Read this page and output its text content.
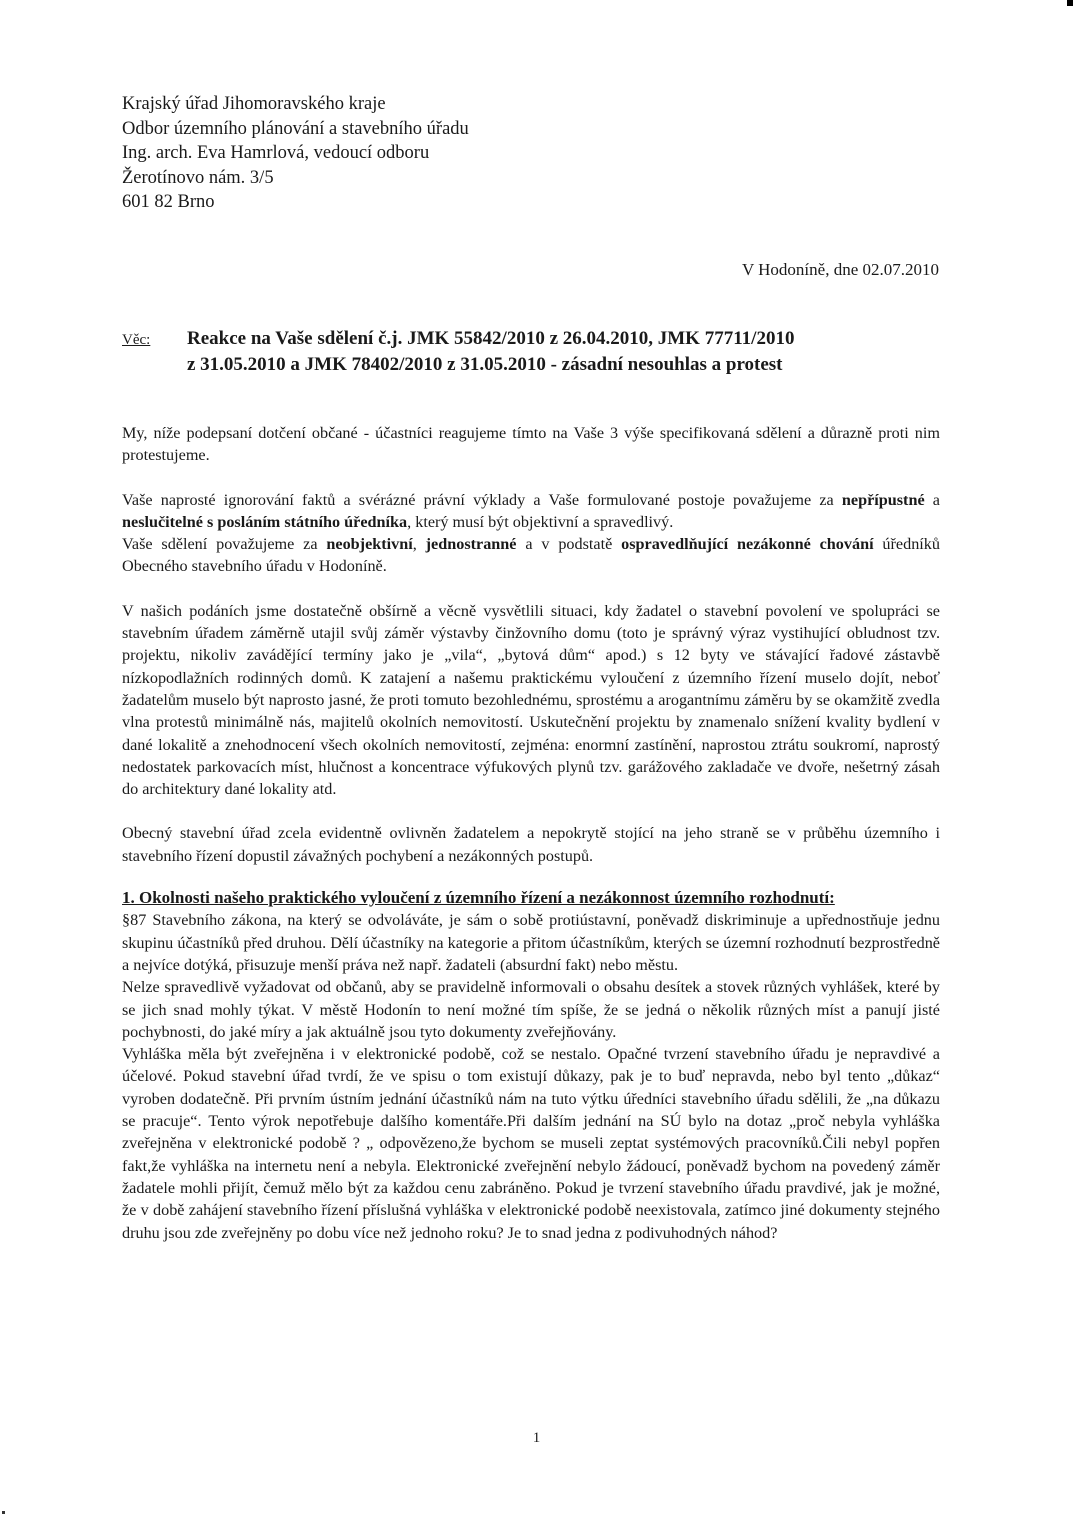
Krajský úřad Jihomoravského kraje
Odbor územního plánování a stavebního úřadu
Ing. arch. Eva Hamrlová, vedoucí odboru
Žerotínovo nám. 3/5
601 82 Brno
V Hodoníně, dne 02.07.2010
Věc: Reakce na Vaše sdělení č.j. JMK 55842/2010 z 26.04.2010, JMK 77711/2010
z 31.05.2010 a JMK 78402/2010 z 31.05.2010 - zásadní nesouhlas a protest

My, níže podepsaní dotčení občané - účastníci reagujeme tímto na Vaše 3 výše specifikovaná sdělení a důrazně proti nim protestujeme.

Vaše naprosté ignorování faktů a svérázné právní výklady a Vaše formulované postoje považujeme za nepřípustné a neslučitelné s posláním státního úředníka, který musí být objektivní a spravedlivý.
Vaše sdělení považujeme za neobjektivní, jednostranné a v podstatě ospravedlňující nezákonné chování úředníků Obecného stavebního úřadu v Hodoníně.

V našich podáních jsme dostatečně obšírně a věcně vysvětlili situaci, kdy žadatel o stavební povolení ve spolupráci se stavebním úřadem záměrně utajil svůj záměr výstavby činžovního domu (toto je správný výraz vystihující obludnost tzv. projektu, nikoliv zavádějící termíny jako je „vila“, „bytová dům“ apod.) s 12 byty ve stávající řadové zástavbě nízkopodlažních rodinných domů. K zatajení a našemu praktickému vyloučení z územního řízení muselo dojít, neboť žadatelům muselo být naprosto jasné, že proti tomuto bezohlednému, sprostému a arogantnímu záměru by se okamžitě zvedla vlna protestů minimálně nás, majitelů okolních nemovitostí. Uskutečnění projektu by znamenalo snížení kvality bydlení v dané lokalitě a znehodnocení všech okolních nemovitostí, zejména: enormní zastínění, naprostou ztrátu soukromí, naprostý nedostatek parkovacích míst, hlučnost a koncentrace výfukových plynů tzv. garážového zakladače ve dvoře, nešetrný zásah do architektury dané lokality atd.

Obecný stavební úřad zcela evidentně ovlivněn žadatelem a nepokrytě stojící na jeho straně se v průběhu územního i stavebního řízení dopustil závažných pochybení a nezákonných postupů.

1. Okolnosti našeho praktického vyloučení z územního řízení a nezákonnost územního rozhodnutí:

§87 Stavebního zákona, na který se odvoláváte, je sám o sobě protiústavní, poněvadž diskriminuje a upřednostňuje jednu skupinu účastníků před druhou. Dělí účastníky na kategorie a přitom účastníkům, kterých se územní rozhodnutí bezprostředně a nejvíce dotýká, přisuzuje menší práva než např. žadateli (absurdní fakt) nebo městu.

Nelze spravedlivě vyžadovat od občanů, aby se pravidelně informovali o obsahu desítek a stovek různých vyhlášek, které by se jich snad mohly týkat. V městě Hodonín to není možné tím spíše, že se jedná o několik různých míst a panují jisté pochybnosti, do jaké míry a jak aktuálně jsou tyto dokumenty zveřejňovány.

Vyhláška měla být zveřejněna i v elektronické podobě, což se nestalo. Opačné tvrzení stavebního úřadu je nepravdivé a účelové. Pokud stavební úřad tvrdí, že ve spisu o tom existují důkazy, pak je to buď nepravda, nebo byl tento „důkaz“ vyroben dodatečně. Při prvním ústním jednání účastníků nám na tuto výtku úředníci stavebního úřadu sdělili, že „na důkazu se pracuje“. Tento výrok nepotřebuje dalšího komentáře.Při dalším jednání na SÚ bylo na dotaz „proč nebyla vyhláška zveřejněna v elektronické podobě ? „ odpovězeno,že bychom se museli zeptat systémových pracovníků.Čili nebyl popřen fakt,že vyhláška na internetu není a nebyla. Elektronické zveřejnění nebylo žádoucí, poněvadž bychom na povedený záměr žadatele mohli přijít, čemuž mělo být za každou cenu zabráněno. Pokud je tvrzení stavebního úřadu pravdivé, jak je možné, že v době zahájení stavebního řízení příslušná vyhláška v elektronické podobě neexistovala, zatímco jiné dokumenty stejného druhu jsou zde zveřejněny po dobu více než jednoho roku? Je to snad jedna z podivuhodných náhod?

1
